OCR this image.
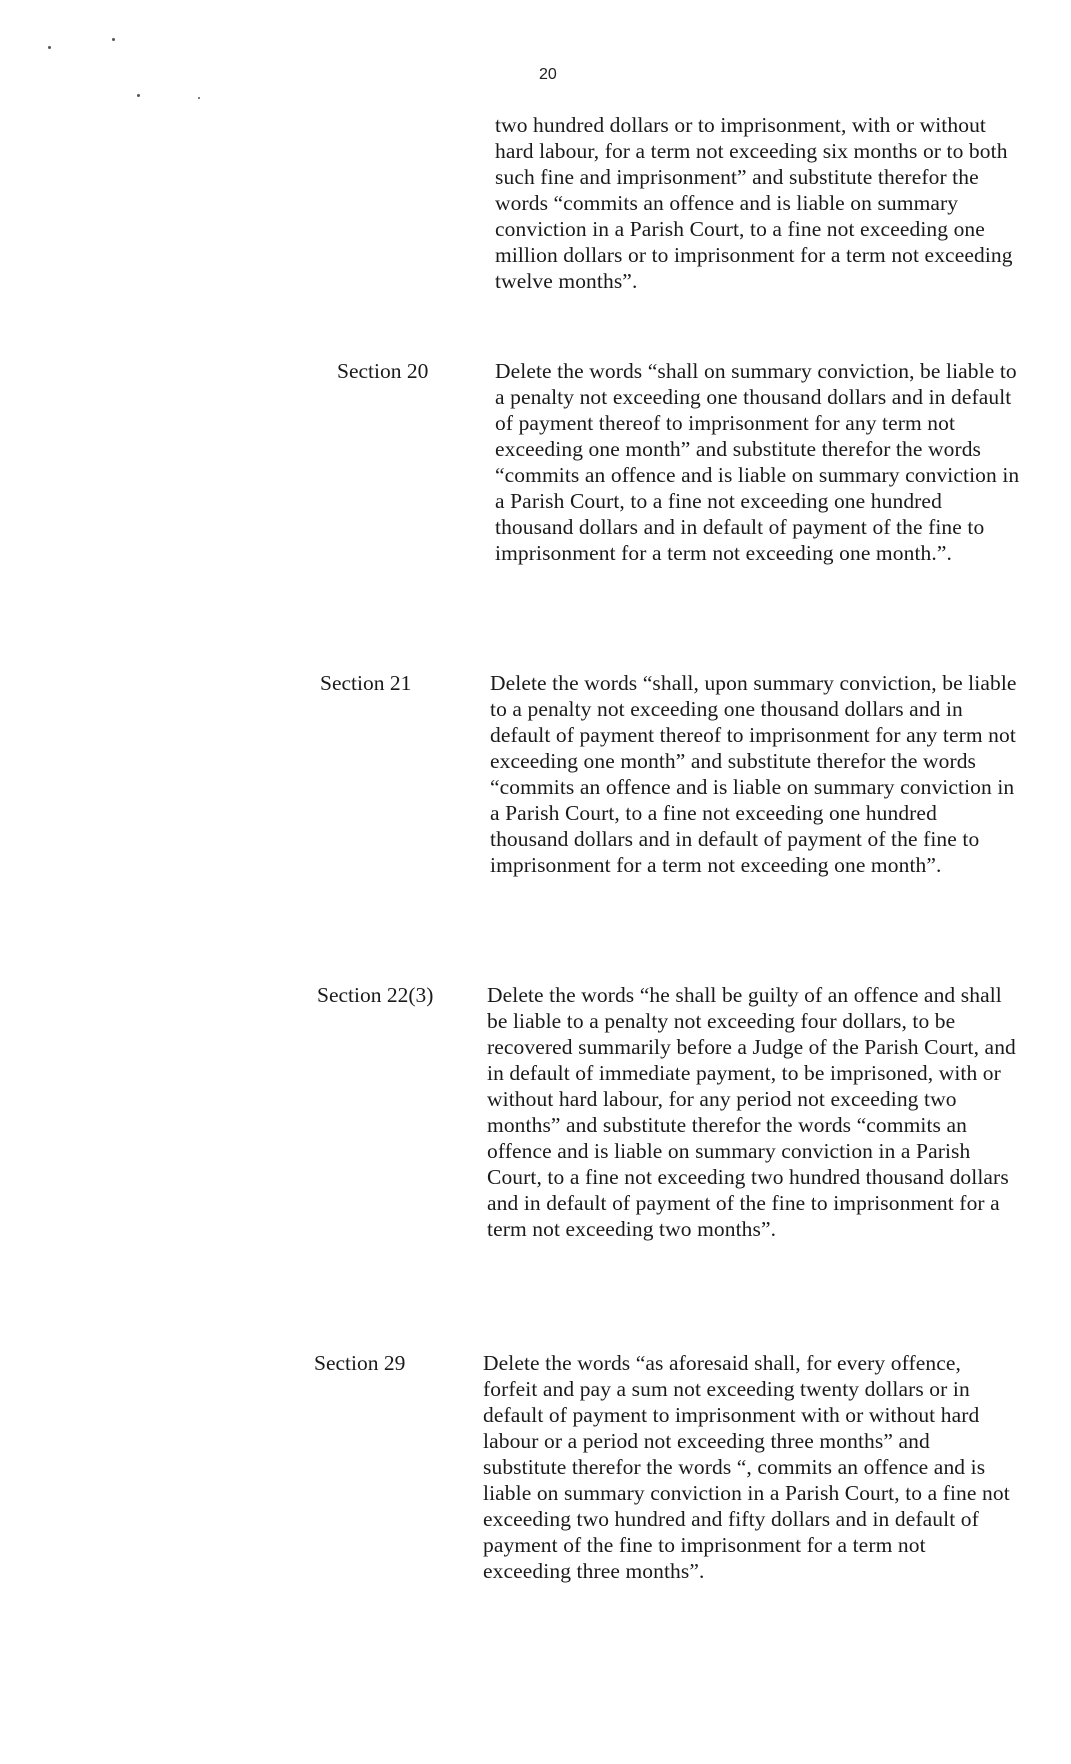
20
two hundred dollars or to imprisonment, with or without hard labour, for a term not exceeding six months or to both such fine and imprisonment” and substitute therefor the words “commits an offence and is liable on summary conviction in a Parish Court, to a fine not exceeding one million dollars or to imprisonment for a term not exceeding twelve months”.
Section 20	Delete the words “shall on summary conviction, be liable to a penalty not exceeding one thousand dollars and in default of payment thereof to imprisonment for any term not exceeding one month” and substitute therefor the words “commits an offence and is liable on summary conviction in a Parish Court, to a fine not exceeding one hundred thousand dollars and in default of payment of the fine to imprisonment for a term not exceeding one month.”.
Section 21	Delete the words “shall, upon summary conviction, be liable to a penalty not exceeding one thousand dollars and in default of payment thereof to imprisonment for any term not exceeding one month” and substitute therefor the words “commits an offence and is liable on summary conviction in a Parish Court, to a fine not exceeding one hundred thousand dollars and in default of payment of the fine to imprisonment for a term not exceeding one month”.
Section 22(3) Delete the words “he shall be guilty of an offence and shall be liable to a penalty not exceeding four dollars, to be recovered summarily before a Judge of the Parish Court, and in default of immediate payment, to be imprisoned, with or without hard labour, for any period not exceeding two months” and substitute therefor the words “commits an offence and is liable on summary conviction in a Parish Court, to a fine not exceeding two hundred thousand dollars and in default of payment of the fine to imprisonment for a term not exceeding two months”.
Section 29	Delete the words “as aforesaid shall, for every offence, forfeit and pay a sum not exceeding twenty dollars or in default of payment to imprisonment with or without hard labour or a period not exceeding three months” and substitute therefor the words “, commits an offence and is liable on summary conviction in a Parish Court, to a fine not exceeding two hundred and fifty dollars and in default of payment of the fine to imprisonment for a term not exceeding three months”.
